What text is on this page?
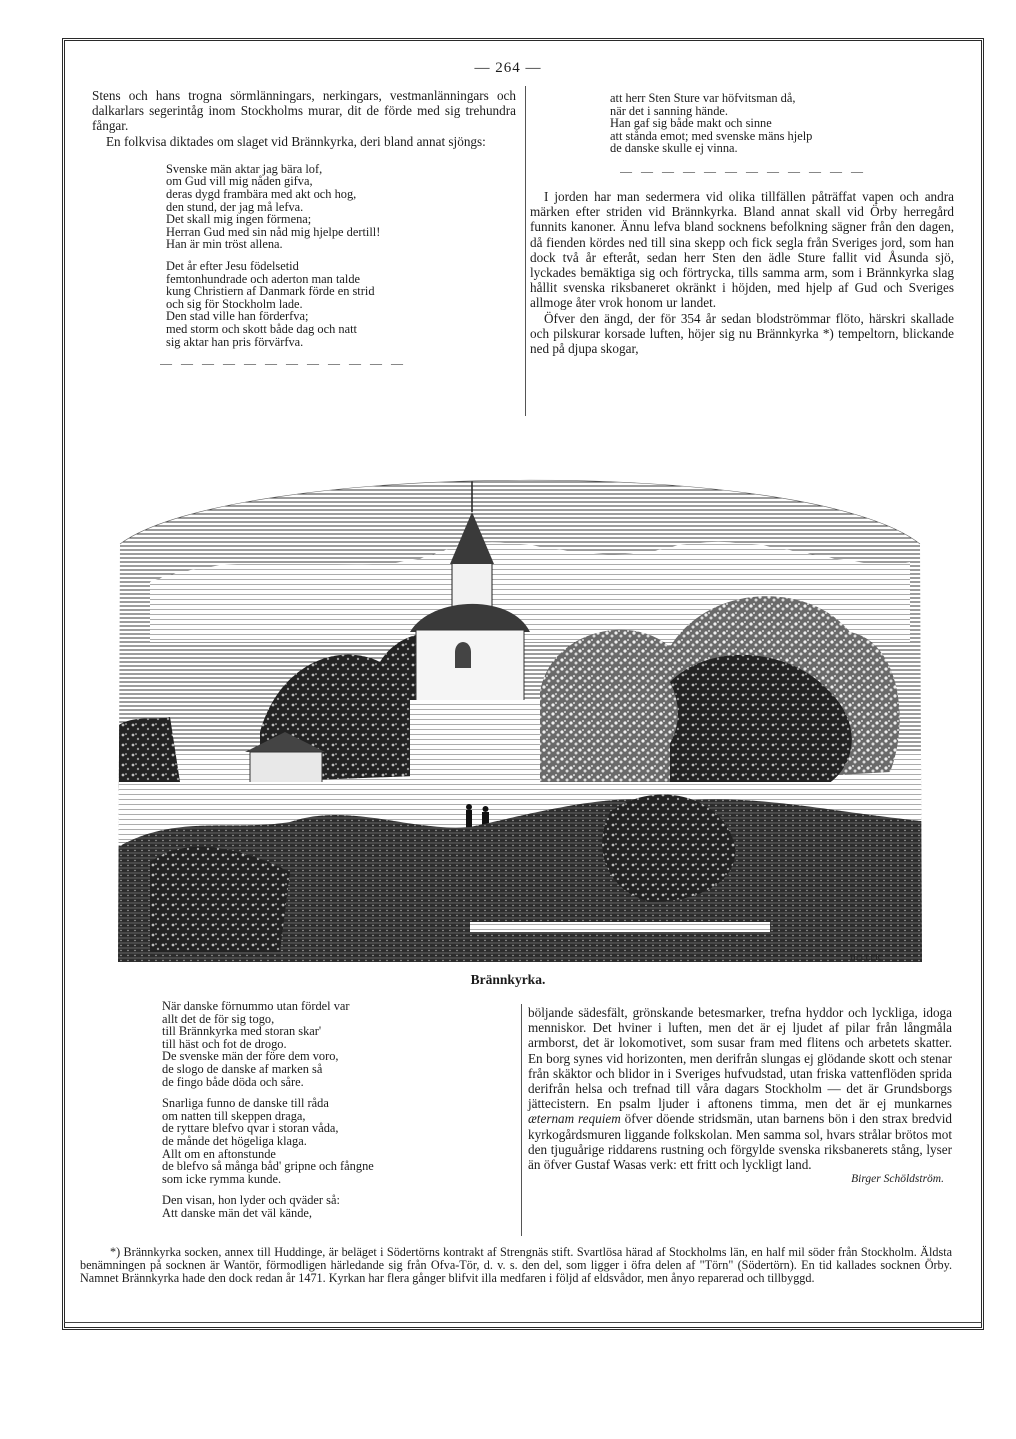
— 264 —

Stens och hans trogna sörmlänningars, nerkingars, vestmanlänningars och dalkarlars segerintåg inom Stockholms murar, dit de förde med sig trehundra fångar.

En folkvisa diktades om slaget vid Brännkyrka, deri bland annat sjöngs:

Svenske män aktar jag bära lof,
om Gud vill mig nåden gifva,
deras dygd frambära med akt och hog,
den stund, der jag må lefva.
Det skall mig ingen förmena;
Herran Gud med sin nåd mig hjelpe dertill!
Han är min tröst allena.
Det år efter Jesu födelsetid
femtonhundrade och aderton man talde
kung Christiern af Danmark förde en strid
och sig för Stockholm lade.
Den stad ville han förderfva;
med storm och skott både dag och natt
sig aktar han pris förvärfva.
— — — — — — — — — — — —
att herr Sten Sture var höfvitsman då,
när det i sanning hände.
Han gaf sig både makt och sinne
att stånda emot; med svenske mäns hjelp
de danske skulle ej vinna.
— — — — — — — — — — — —

I jorden har man sedermera vid olika tillfällen påträffat vapen och andra märken efter striden vid Brännkyrka. Bland annat skall vid Örby herregård funnits kanoner. Ännu lefva bland socknens befolkning sägner från den dagen, då fienden kördes ned till sina skepp och fick segla från Sveriges jord, som han dock två år efteråt, sedan herr Sten den ädle Sture fallit vid Åsunda sjö, lyckades bemäktiga sig och förtrycka, tills samma arm, som i Brännkyrka slag hållit svenska riksbaneret okränkt i höjden, med hjelp af Gud och Sveriges allmoge åter vrok honom ur landet.

Öfver den ängd, der för 354 år sedan blodströmmar flöto, härskri skallade och pilskurar korsade luften, höjer sig nu Brännkyrka *) tempeltorn, blickande ned på djupa skogar,

HELLER
Brännkyrka.
När danske förnummo utan fördel var
allt det de för sig togo,
till Brännkyrka med storan skar'
till häst och fot de drogo.
De svenske män der före dem voro,
de slogo de danske af marken så
de fingo både döda och såre.
Snarliga funno de danske till råda
om natten till skeppen draga,
de ryttare blefvo qvar i storan våda,
de månde det högeliga klaga.
Allt om en aftonstunde
de blefvo så många båd' gripne och fångne
som icke rymma kunde.
Den visan, hon lyder och qväder så:
Att danske män det väl kände,

böljande sädesfält, grönskande betesmarker, trefna hyddor och lyckliga, idoga menniskor. Det hviner i luften, men det är ej ljudet af pilar från långmåla armborst, det är lokomotivet, som susar fram med flitens och arbetets skatter. En borg synes vid horizonten, men derifrån slungas ej glödande skott och stenar från skäktor och blidor in i Sveriges hufvudstad, utan friska vattenflöden sprida derifrån helsa och trefnad till våra dagars Stockholm — det är Grundsborgs jättecistern. En psalm ljuder i aftonens timma, men det är ej munkarnes æternam requiem öfver döende stridsmän, utan barnens bön i den strax bredvid kyrkogårdsmuren liggande folkskolan. Men samma sol, hvars strålar brötos mot den tjuguårige riddarens rustning och förgylde svenska riksbanerets stång, lyser än öfver Gustaf Wasas verk: ett fritt och lyckligt land.

Birger Schöldström.

*) Brännkyrka socken, annex till Huddinge, är beläget i Södertörns kontrakt af Strengnäs stift. Svartlösa härad af Stockholms län, en half mil söder från Stockholm. Äldsta benämningen på socknen är Wantör, förmodligen härledande sig från Ofva-Tör, d. v. s. den del, som ligger i öfra delen af "Törn" (Södertörn). En tid kallades socknen Örby. Namnet Brännkyrka hade den dock redan år 1471. Kyrkan har flera gånger blifvit illa medfaren i följd af eldsvådor, men ånyo reparerad och tillbyggd.
